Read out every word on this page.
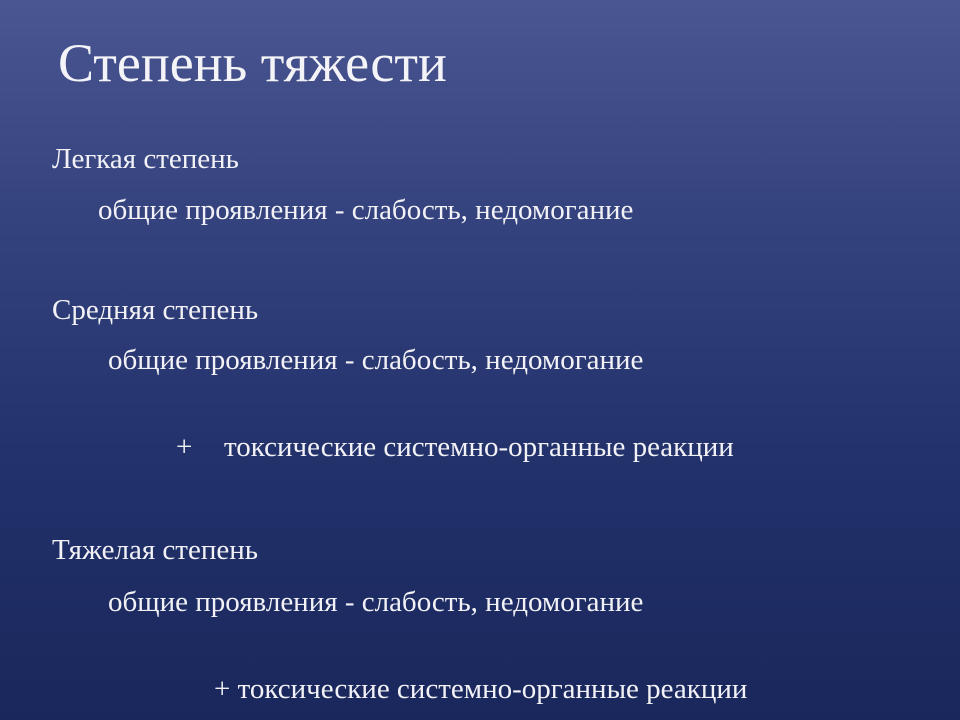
Степень тяжести
Легкая степень
общие проявления - слабость, недомогание
Средняя степень
общие проявления - слабость, недомогание
+ токсические системно-органные реакции
Тяжелая степень
общие проявления - слабость, недомогание
+ токсические системно-органные реакции
